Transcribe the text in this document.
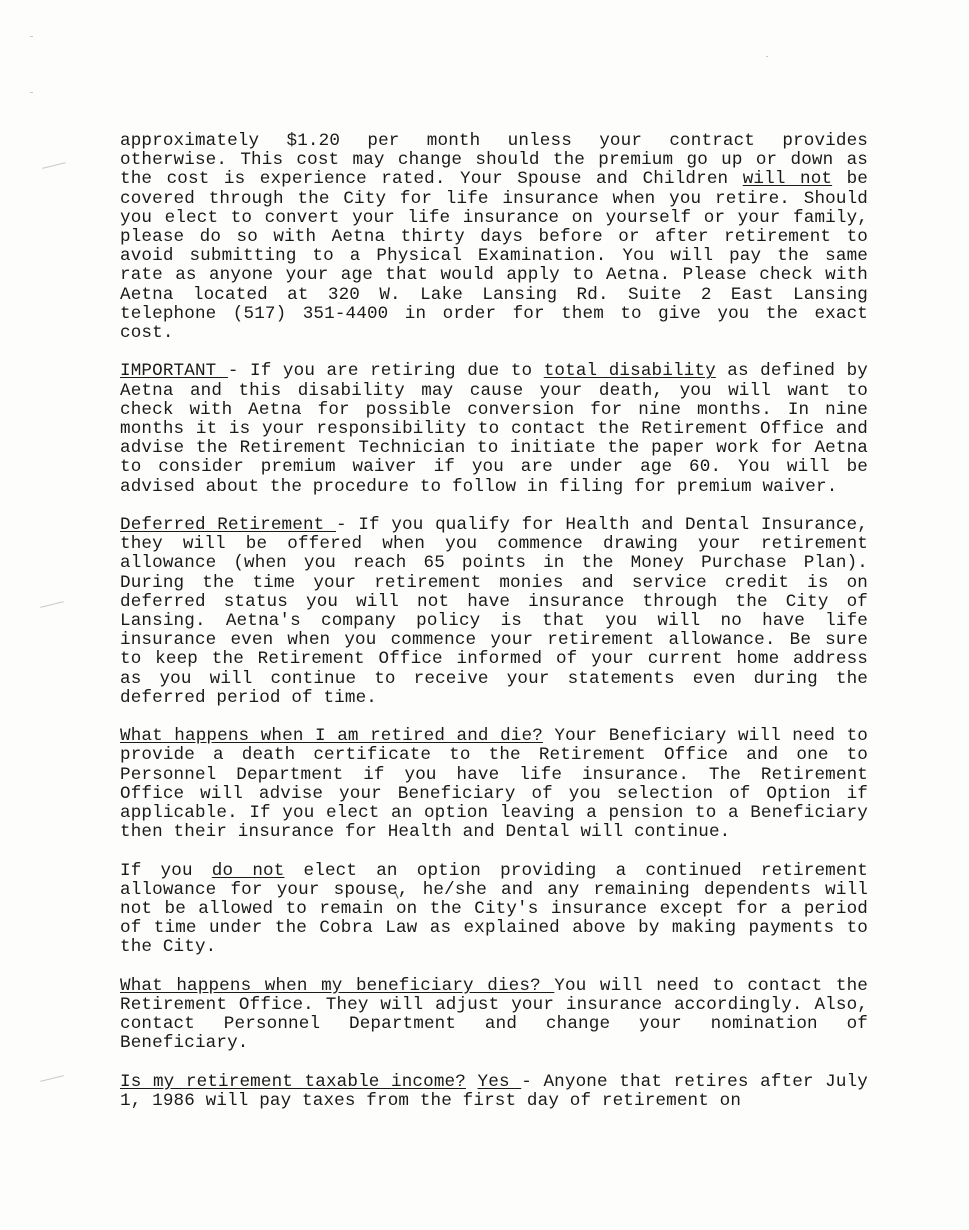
approximately $1.20 per month unless your contract provides otherwise. This cost may change should the premium go up or down as the cost is experience rated. Your Spouse and Children will not be covered through the City for life insurance when you retire. Should you elect to convert your life insurance on yourself or your family, please do so with Aetna thirty days before or after retirement to avoid submitting to a Physical Examination. You will pay the same rate as anyone your age that would apply to Aetna. Please check with Aetna located at 320 W. Lake Lansing Rd. Suite 2 East Lansing telephone (517) 351-4400 in order for them to give you the exact cost.

IMPORTANT - If you are retiring due to total disability as defined by Aetna and this disability may cause your death, you will want to check with Aetna for possible conversion for nine months. In nine months it is your responsibility to contact the Retirement Office and advise the Retirement Technician to initiate the paper work for Aetna to consider premium waiver if you are under age 60. You will be advised about the procedure to follow in filing for premium waiver.

Deferred Retirement - If you qualify for Health and Dental Insurance, they will be offered when you commence drawing your retirement allowance (when you reach 65 points in the Money Purchase Plan). During the time your retirement monies and service credit is on deferred status you will not have insurance through the City of Lansing. Aetna's company policy is that you will no have life insurance even when you commence your retirement allowance. Be sure to keep the Retirement Office informed of your current home address as you will continue to receive your statements even during the deferred period of time.

What happens when I am retired and die? Your Beneficiary will need to provide a death certificate to the Retirement Office and one to Personnel Department if you have life insurance. The Retirement Office will advise your Beneficiary of you selection of Option if applicable. If you elect an option leaving a pension to a Beneficiary then their insurance for Health and Dental will continue.

If you do not elect an option providing a continued retirement allowance for your spouse, he/she and any remaining dependents will not be allowed to remain on the City's insurance except for a period of time under the Cobra Law as explained above by making payments to the City.

What happens when my beneficiary dies? You will need to contact the Retirement Office. They will adjust your insurance accordingly. Also, contact Personnel Department and change your nomination of Beneficiary.

Is my retirement taxable income? Yes - Anyone that retires after July 1, 1986 will pay taxes from the first day of retirement on
